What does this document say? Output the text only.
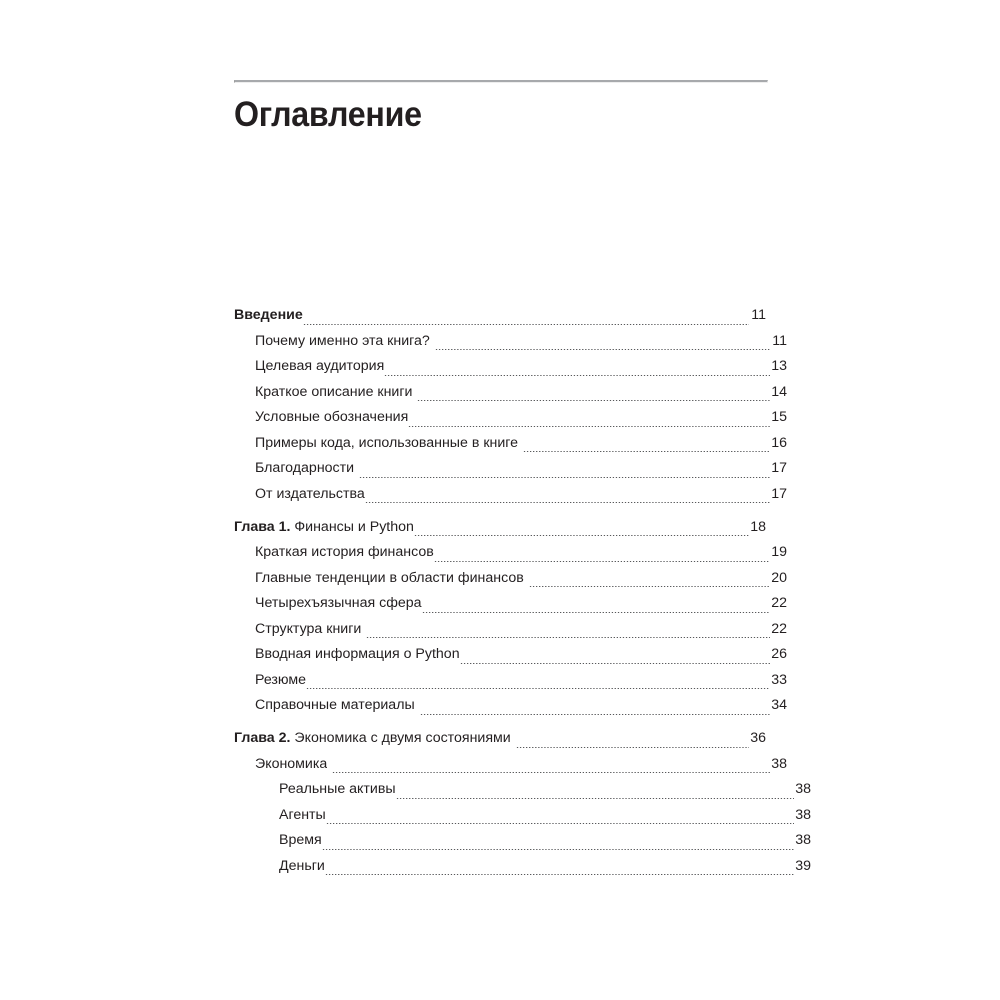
Оглавление
Введение	11
Почему именно эта книга?	11
Целевая аудитория	13
Краткое описание книги	14
Условные обозначения	15
Примеры кода, использованные в книге	16
Благодарности	17
От издательства	17
Глава 1. Финансы и Python	18
Краткая история финансов	19
Главные тенденции в области финансов	20
Четырехъязычная сфера	22
Структура книги	22
Вводная информация о Python	26
Резюме	33
Справочные материалы	34
Глава 2. Экономика с двумя состояниями	36
Экономика	38
Реальные активы	38
Агенты	38
Время	38
Деньги	39
